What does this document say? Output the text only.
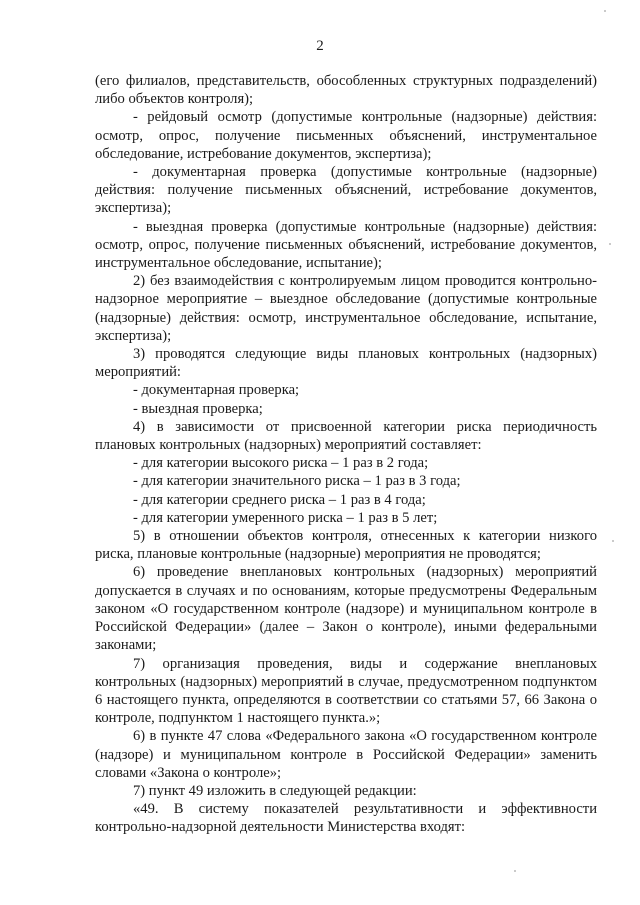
2

(его филиалов, представительств, обособленных структурных подразделений) либо объектов контроля);

- рейдовый осмотр (допустимые контрольные (надзорные) действия: осмотр, опрос, получение письменных объяснений, инструментальное обследование, истребование документов, экспертиза);

- документарная проверка (допустимые контрольные (надзорные) действия: получение письменных объяснений, истребование документов, экспертиза);

- выездная проверка (допустимые контрольные (надзорные) действия: осмотр, опрос, получение письменных объяснений, истребование документов, инструментальное обследование, испытание);

2) без взаимодействия с контролируемым лицом проводится контрольно-надзорное мероприятие – выездное обследование (допустимые контрольные (надзорные) действия: осмотр, инструментальное обследование, испытание, экспертиза);

3) проводятся следующие виды плановых контрольных (надзорных) мероприятий:

- документарная проверка;

- выездная проверка;

4) в зависимости от присвоенной категории риска периодичность плановых контрольных (надзорных) мероприятий составляет:

- для категории высокого риска – 1 раз в 2 года;

- для категории значительного риска – 1 раз в 3 года;

- для категории среднего риска – 1 раз в 4 года;

- для категории умеренного риска – 1 раз в 5 лет;

5) в отношении объектов контроля, отнесенных к категории низкого риска, плановые контрольные (надзорные) мероприятия не проводятся;

6) проведение внеплановых контрольных (надзорных) мероприятий допускается в случаях и по основаниям, которые предусмотрены Федеральным законом «О государственном контроле (надзоре) и муниципальном контроле в Российской Федерации» (далее – Закон о контроле), иными федеральными законами;

7) организация проведения, виды и содержание внеплановых контрольных (надзорных) мероприятий в случае, предусмотренном подпунктом 6 настоящего пункта, определяются в соответствии со статьями 57, 66 Закона о контроле, подпунктом 1 настоящего пункта.»;

6) в пункте 47 слова «Федерального закона «О государственном контроле (надзоре) и муниципальном контроле в Российской Федерации» заменить словами «Закона о контроле»;

7) пункт 49 изложить в следующей редакции:

«49. В систему показателей результативности и эффективности контрольно-надзорной деятельности Министерства входят:
